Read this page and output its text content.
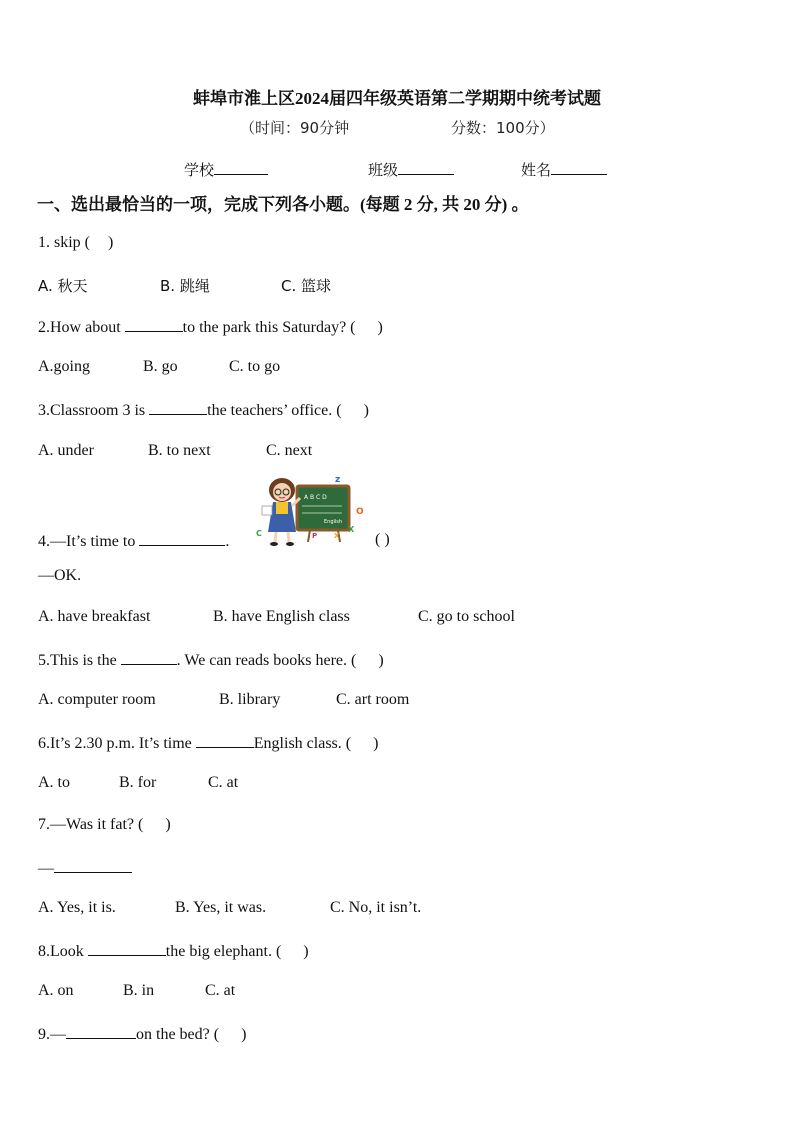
蚌埠市淮上区2024届四年级英语第二学期期中统考试题
（时间：90分钟	分数：100分）
学校	班级	姓名
一、选出最恰当的一项，完成下列各小题。(每题 2 分, 共 20 分) 。
1. skip ( )
A. 秋天	B. 跳绳	C. 篮球
2.How about	to the park this Saturday? ( )
A.going	B. go	C. to go
3.Classroom 3 is	the teachers’ office. ( )
A. under	B. to next	C. next
A B C D
English
z
O
X
P X
C
4.—It’s time to	.	( )
—OK.
A. have breakfast	B. have English class	C. go to school
5.This is the	. We can reads books here. ( )
A. computer room	B. library	C. art room
6.It’s 2.30 p.m. It’s time	English class. ( )
A. to	B. for	C. at
7.—Was it fat? ( )
—
A. Yes, it is.	B. Yes, it was.	C. No, it isn’t.
8.Look	the big elephant. ( )
A. on	B. in	C. at
9.—	on the bed? ( )
